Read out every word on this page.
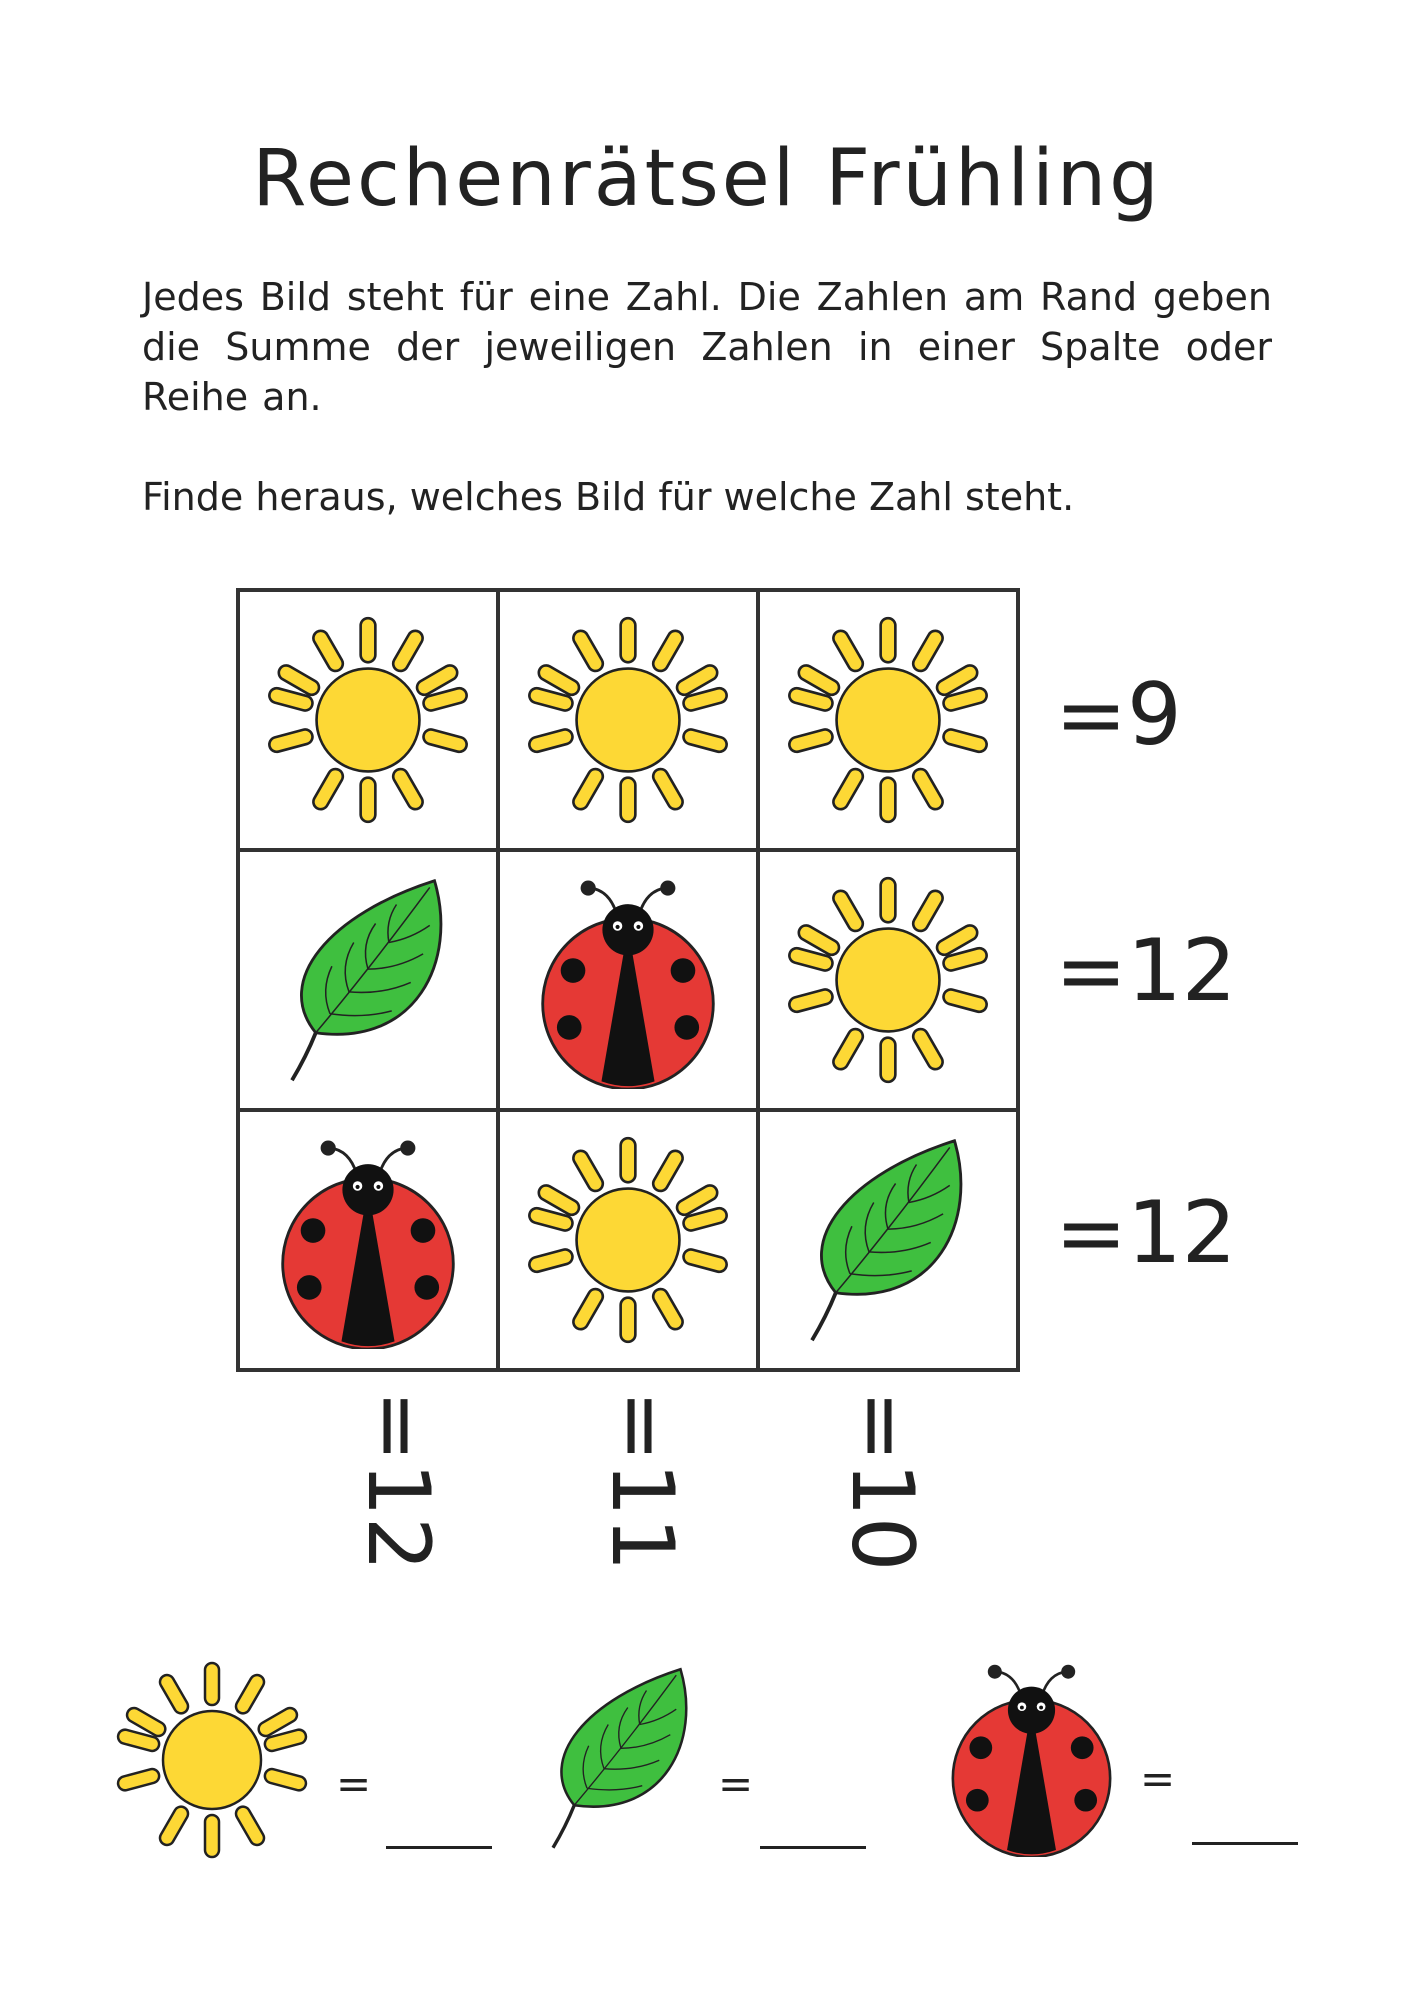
Rechenrätsel Frühling

Jedes Bild steht für eine Zahl. Die Zahlen am Rand geben die Summe der jeweiligen Zahlen in einer Spalte oder Reihe an.

Finde heraus, welches Bild für welche Zahl steht.

=9
=12
=12
=12 =11 =10
=	=	=
